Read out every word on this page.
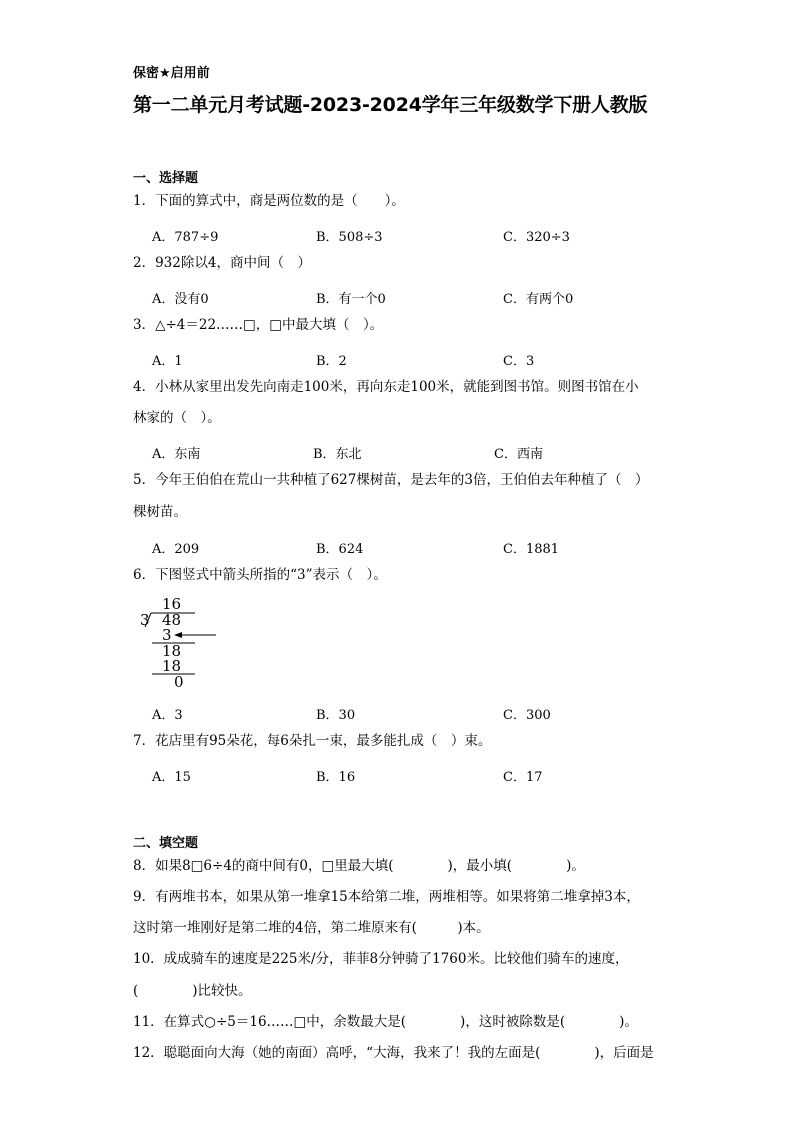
保密★启用前
第一二单元月考试题-2023-2024学年三年级数学下册人教版
一、选择题
1．下面的算式中，商是两位数的是（　　）。
A．787÷9	B．508÷3	C．320÷3
2．932除以4，商中间（　）
A．没有0	B．有一个0	C．有两个0
3．△÷4＝22……□，□中最大填（　）。
A．1	B．2	C．3
4．小林从家里出发先向南走100米，再向东走100米，就能到图书馆。则图书馆在小
林家的（　）。
A．东南	B．东北	C．西南
5．今年王伯伯在荒山一共种植了627棵树苗，是去年的3倍，王伯伯去年种植了（　）
棵树苗。
A．209	B．624	C．1881
6．下图竖式中箭头所指的“3”表示（　）。
16
3 48
3
18
18
0
A．3	B．30	C．300
7．花店里有95朵花，每6朵扎一束，最多能扎成（　）束。
A．15	B．16	C．17
二、填空题
8．如果8□6÷4的商中间有0，□里最大填(　　　　)，最小填(　　　　)。
9．有两堆书本，如果从第一堆拿15本给第二堆，两堆相等。如果将第二堆拿掉3本，
这时第一堆刚好是第二堆的4倍，第二堆原来有(　　　)本。
10．成成骑车的速度是225米/分，菲菲8分钟骑了1760米。比较他们骑车的速度，
(　　　　)比较快。
11．在算式○÷5＝16……□中，余数最大是(　　　　)，这时被除数是(　　　　)。
12．聪聪面向大海（她的南面）高呼，“大海，我来了！我的左面是(　　　　)，后面是
